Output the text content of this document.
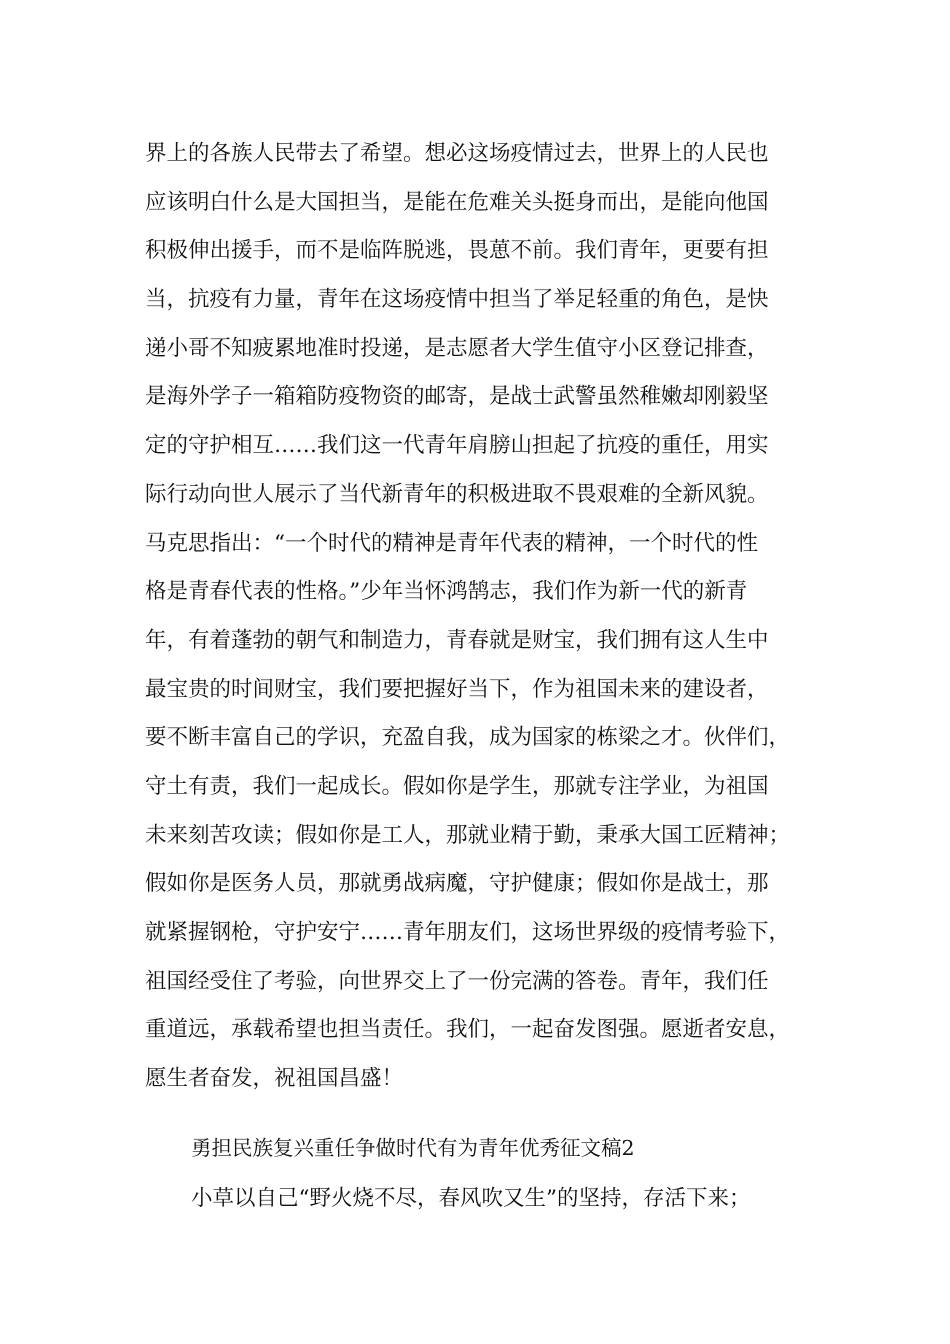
界上的各族人民带去了希望。想必这场疫情过去，世界上的人民也
应该明白什么是大国担当，是能在危难关头挺身而出，是能向他国
积极伸出援手，而不是临阵脱逃，畏葸不前。我们青年，更要有担
当，抗疫有力量，青年在这场疫情中担当了举足轻重的角色，是快
递小哥不知疲累地准时投递，是志愿者大学生值守小区登记排查，
是海外学子一箱箱防疫物资的邮寄，是战士武警虽然稚嫩却刚毅坚
定的守护相互……我们这一代青年肩膀山担起了抗疫的重任，用实
际行动向世人展示了当代新青年的积极进取不畏艰难的全新风貌。
马克思指出：“一个时代的精神是青年代表的精神，一个时代的性
格是青春代表的性格。”少年当怀鸿鹄志，我们作为新一代的新青
年，有着蓬勃的朝气和制造力，青春就是财宝，我们拥有这人生中
最宝贵的时间财宝，我们要把握好当下，作为祖国未来的建设者，
要不断丰富自己的学识，充盈自我，成为国家的栋梁之才。伙伴们，
守土有责，我们一起成长。假如你是学生，那就专注学业，为祖国
未来刻苦攻读；假如你是工人，那就业精于勤，秉承大国工匠精神；
假如你是医务人员，那就勇战病魔，守护健康；假如你是战士，那
就紧握钢枪，守护安宁……青年朋友们，这场世界级的疫情考验下，
祖国经受住了考验，向世界交上了一份完满的答卷。青年，我们任
重道远，承载希望也担当责任。我们，一起奋发图强。愿逝者安息，
愿生者奋发，祝祖国昌盛！
勇担民族复兴重任争做时代有为青年优秀征文稿2
小草以自己“野火烧不尽，春风吹又生”的坚持，存活下来；
